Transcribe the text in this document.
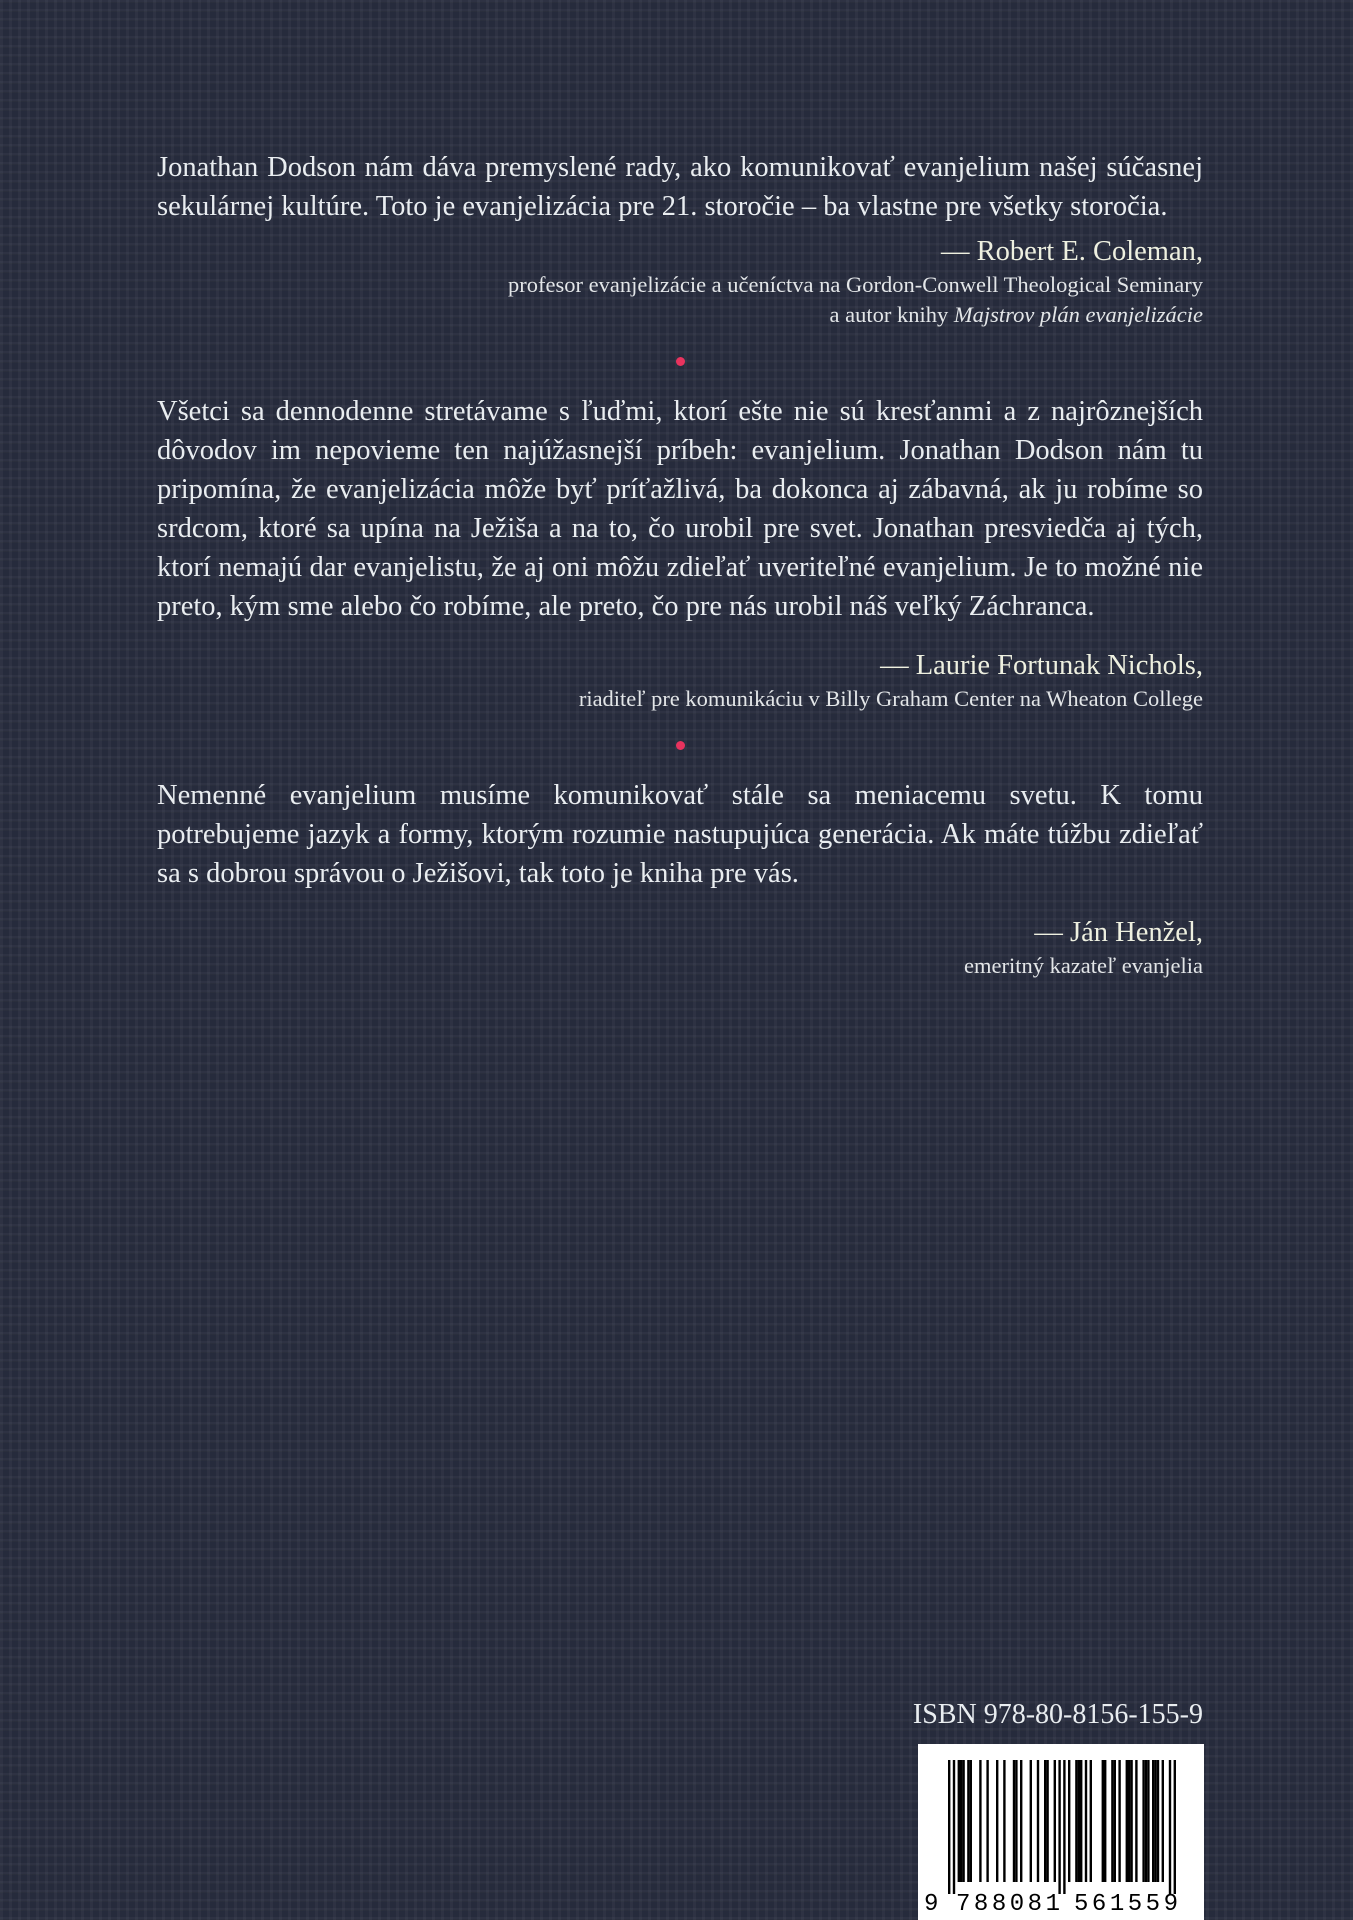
Jonathan Dodson nám dáva premyslené rady, ako komunikovať evanjelium našej súčasnej sekulárnej kultúre. Toto je evanjelizácia pre 21. storočie – ba vlastne pre všetky storočia.

— Robert E. Coleman,
profesor evanjelizácie a učeníctva na Gordon-Conwell Theological Seminary
a autor knihy Majstrov plán evanjelizácie

Všetci sa dennodenne stretávame s ľuďmi, ktorí ešte nie sú kresťanmi a z najrôznejších dôvodov im nepovieme ten najúžasnejší príbeh: evanjelium. Jonathan Dodson nám tu pripomína, že evanjelizácia môže byť príťažlivá, ba dokonca aj zábavná, ak ju robíme so srdcom, ktoré sa upína na Ježiša a na to, čo urobil pre svet. Jonathan presviedča aj tých, ktorí nemajú dar evanjelistu, že aj oni môžu zdieľať uveriteľné evanjelium. Je to možné nie preto, kým sme alebo čo robíme, ale preto, čo pre nás urobil náš veľký Záchranca.

— Laurie Fortunak Nichols,
riaditeľ pre komunikáciu v Billy Graham Center na Wheaton College

Nemenné evanjelium musíme komunikovať stále sa meniacemu svetu. K tomu potrebujeme jazyk a formy, ktorým rozumie nastupujúca generácia. Ak máte túžbu zdieľať sa s dobrou správou o Ježišovi, tak toto je kniha pre vás.

— Ján Henžel,
emeritný kazateľ evanjelia
ISBN 978-80-8156-155-9
9 788081 561559
